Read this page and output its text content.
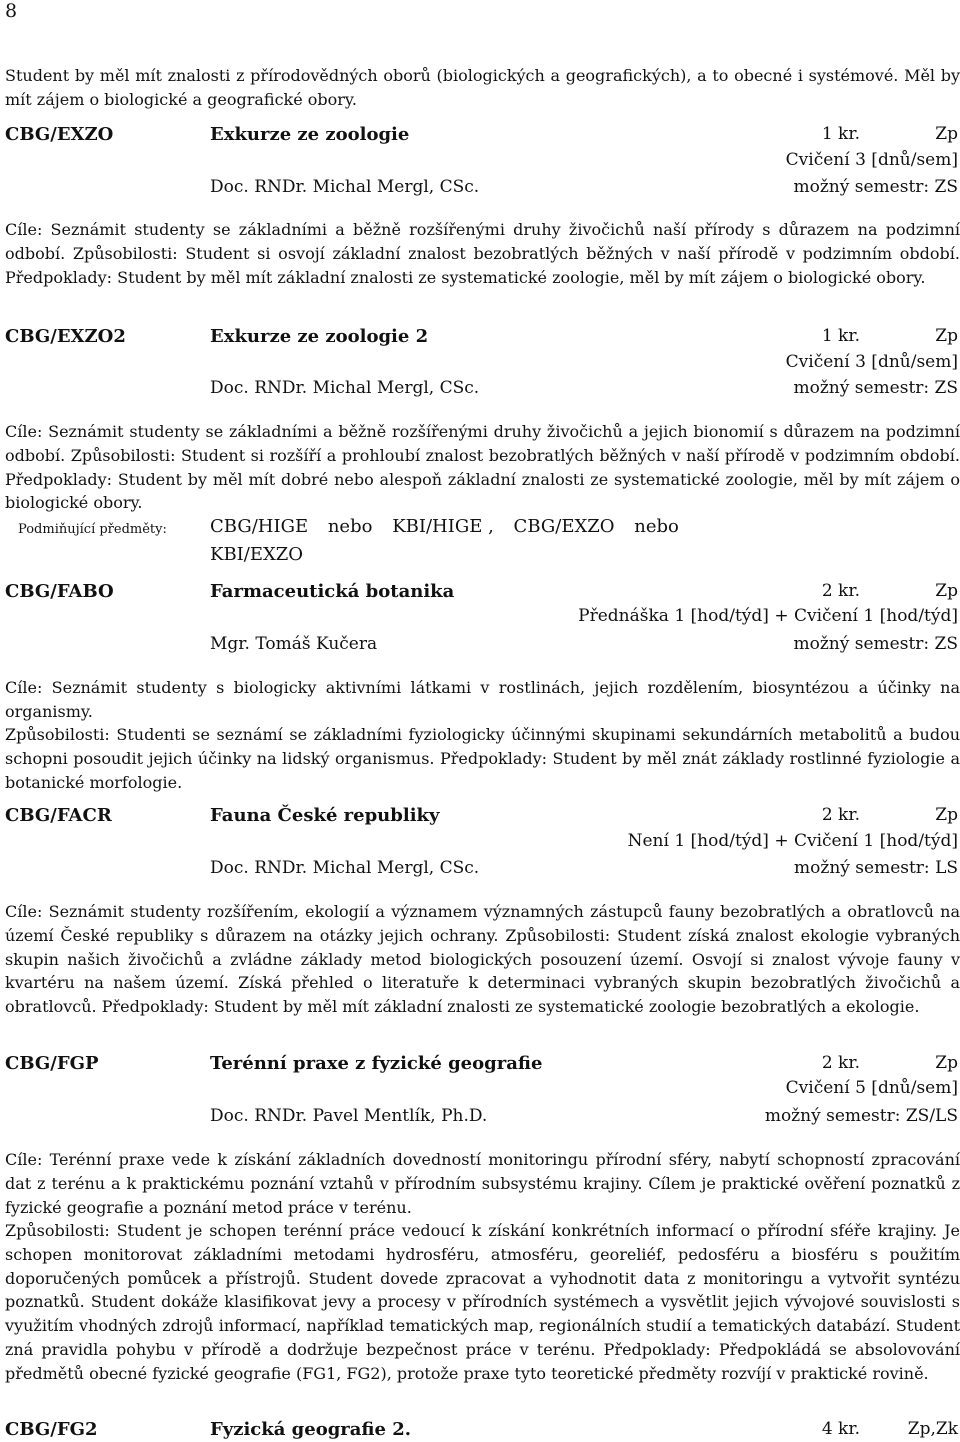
8

Student by měl mít znalosti z přírodovědných oborů (biologických a geografických), a to obecné i systémové. Měl by mít zájem o biologické a geografické obory.

CBG/EXZO	Exkurze ze zoologie	1 kr.	Zp
Cvičení 3 [dnů/sem]
Doc. RNDr. Michal Mergl, CSc.	možný semestr: ZS

Cíle: Seznámit studenty se základními a běžně rozšířenými druhy živočichů naší přírody s důrazem na podzimní odbobí. Způsobilosti: Student si osvojí základní znalost bezobratlých běžných v naší přírodě v podzimním období. Předpoklady: Student by měl mít základní znalosti ze systematické zoologie, měl by mít zájem o biologické obory.

CBG/EXZO2	Exkurze ze zoologie 2	1 kr.	Zp
Cvičení 3 [dnů/sem]
Doc. RNDr. Michal Mergl, CSc.	možný semestr: ZS

Cíle: Seznámit studenty se základními a běžně rozšířenými druhy živočichů a jejich bionomií s důrazem na podzimní odbobí. Způsobilosti: Student si rozšíří a prohloubí znalost bezobratlých běžných v naší přírodě v podzimním období. Předpoklady: Student by měl mít dobré nebo alespoň základní znalosti ze systematické zoologie, měl by mít zájem o biologické obory.

Podmiňující předměty: CBG/HIGE nebo KBI/HIGE , CBG/EXZO nebo
KBI/EXZO
CBG/FABO	Farmaceutická botanika	2 kr.	Zp
Přednáška 1 [hod/týd] + Cvičení 1 [hod/týd]
Mgr. Tomáš Kučera	možný semestr: ZS

Cíle: Seznámit studenty s biologicky aktivními látkami v rostlinách, jejich rozdělením, biosyntézou a účinky na organismy.

Způsobilosti: Studenti se seznámí se základními fyziologicky účinnými skupinami sekundárních metabolitů a budou schopni posoudit jejich účinky na lidský organismus. Předpoklady: Student by měl znát základy rostlinné fyziologie a botanické morfologie.

CBG/FACR	Fauna České republiky	2 kr.	Zp
Není 1 [hod/týd] + Cvičení 1 [hod/týd]
Doc. RNDr. Michal Mergl, CSc.	možný semestr: LS

Cíle: Seznámit studenty rozšířením, ekologií a významem významných zástupců fauny bezobratlých a obratlovců na území České republiky s důrazem na otázky jejich ochrany. Způsobilosti: Student získá znalost ekologie vybraných skupin našich živočichů a zvládne základy metod biologických posouzení území. Osvojí si znalost vývoje fauny v kvartéru na našem území. Získá přehled o literatuře k determinaci vybraných skupin bezobratlých živočichů a obratlovců. Předpoklady: Student by měl mít základní znalosti ze systematické zoologie bezobratlých a ekologie.

CBG/FGP	Terénní praxe z fyzické geografie	2 kr.	Zp
Cvičení 5 [dnů/sem]
Doc. RNDr. Pavel Mentlík, Ph.D.	možný semestr: ZS/LS

Cíle: Terénní praxe vede k získání základních dovedností monitoringu přírodní sféry, nabytí schopností zpracování dat z terénu a k praktickému poznání vztahů v přírodním subsystému krajiny. Cílem je praktické ověření poznatků z fyzické geografie a poznání metod práce v terénu.

Způsobilosti: Student je schopen terénní práce vedoucí k získání konkrétních informací o přírodní sféře krajiny. Je schopen monitorovat základními metodami hydrosféru, atmosféru, georeliéf, pedosféru a biosféru s použitím doporučených pomůcek a přístrojů. Student dovede zpracovat a vyhodnotit data z monitoringu a vytvořit syntézu poznatků. Student dokáže klasifikovat jevy a procesy v přírodních systémech a vysvětlit jejich vývojové souvislosti s využitím vhodných zdrojů informací, například tematických map, regionálních studií a tematických databází. Student zná pravidla pohybu v přírodě a dodržuje bezpečnost práce v terénu. Předpoklady: Předpokládá se absolovování předmětů obecné fyzické geografie (FG1, FG2), protože praxe tyto teoretické předměty rozvíjí v praktické rovině.

CBG/FG2	Fyzická geografie 2.	4 kr.	Zp,Zk
